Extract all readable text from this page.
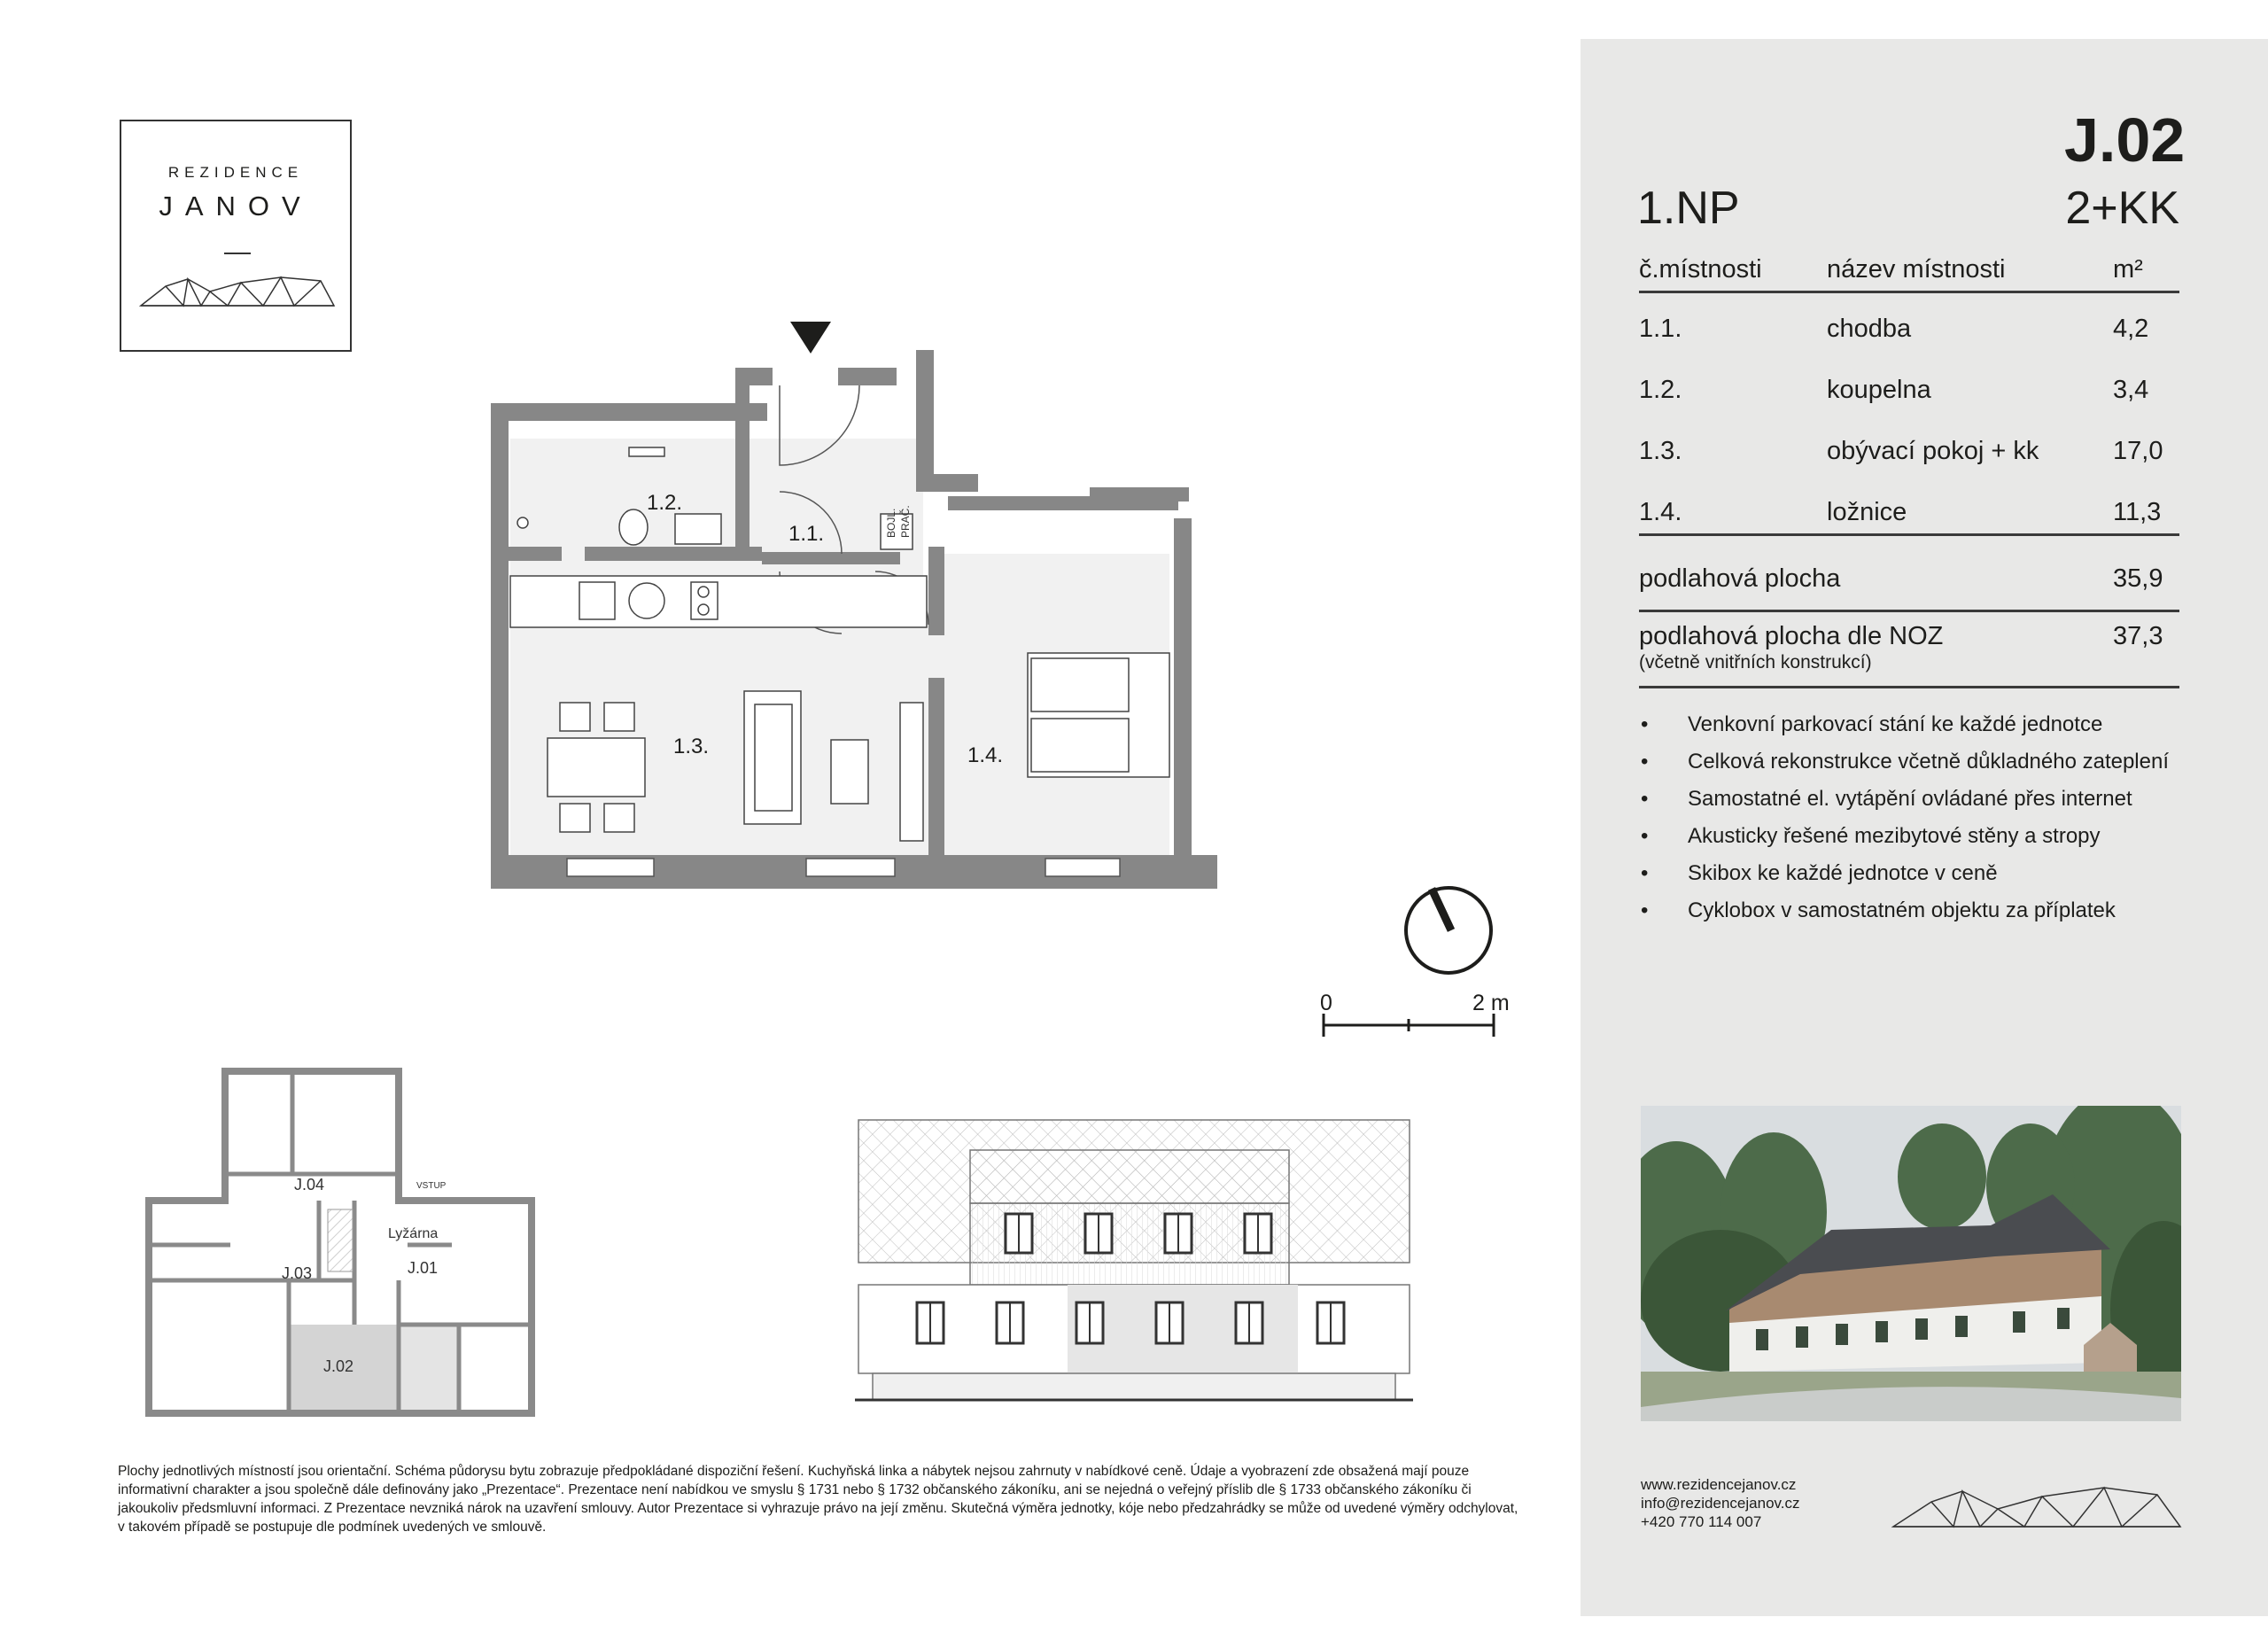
REZIDENCE
JANOV
BOJL. PRAČ.
1.2.
1.1.
1.3.	1.4.
0	2 m
J.04
J.03	J.01
J.02
Lyžárna
VSTUP
J.02
1.NP	2+KK
č.místnosti	název místnosti	m²
1.1.	chodba	4,2
1.2.	koupelna	3,4
1.3.	obývací pokoj + kk	17,0
1.4.	ložnice	11,3
podlahová plocha	35,9
podlahová plocha dle NOZ
(včetně vnitřních konstrukcí)
37,3
• Venkovní parkovací stání ke každé jednotce
• Celková rekonstrukce včetně důkladného zateplení
• Samostatné el. vytápění ovládané přes internet
• Akusticky řešené mezibytové stěny a stropy
• Skibox ke každé jednotce v ceně
• Cyklobox v samostatném objektu za příplatek
www.rezidencejanov.cz
info@rezidencejanov.cz
+420 770 114 007
Plochy jednotlivých místností jsou orientační. Schéma půdorysu bytu zobrazuje předpokládané dispoziční řešení. Kuchyňská linka a nábytek nejsou zahrnuty v nabídkové ceně. Údaje a vyobrazení zde obsažená mají pouze informativní charakter a jsou společně dále definovány jako „Prezentace“. Prezentace není nabídkou ve smyslu § 1731 nebo § 1732 občanského zákoníku, ani se nejedná o veřejný příslib dle § 1733 občanského zákoníku či jakoukoliv předsmluvní informaci. Z Prezentace nevzniká nárok na uzavření smlouvy. Autor Prezentace si vyhrazuje právo na její změnu. Skutečná výměra jednotky, kóje nebo předzahrádky se může od uvedené výměry odchylovat, v takovém případě se postupuje dle podmínek uvedených ve smlouvě.
